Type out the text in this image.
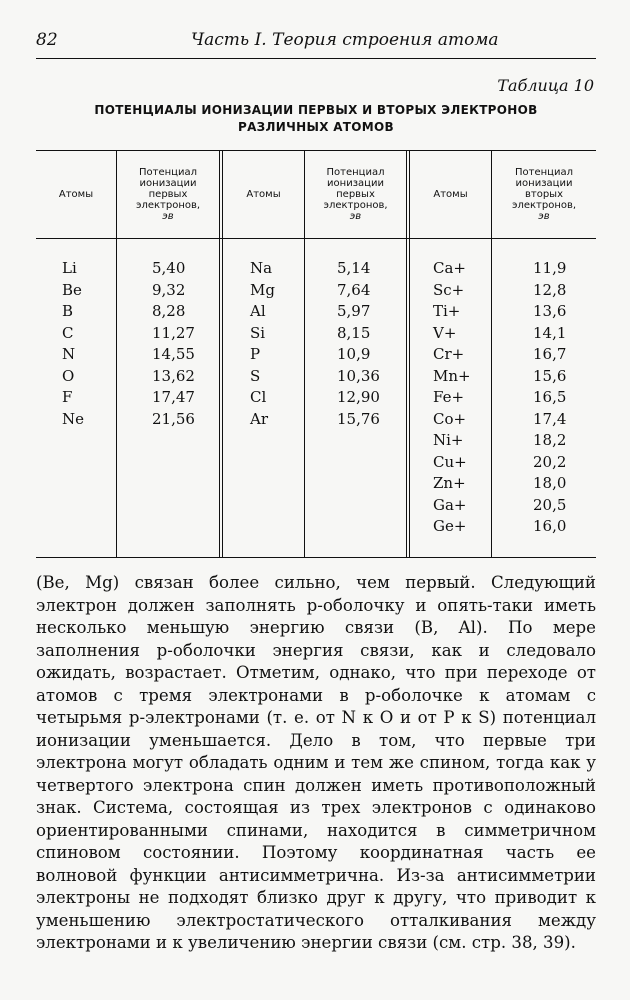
82	Часть I. Теория строения атома
Таблица 10
ПОТЕНЦИАЛЫ ИОНИЗАЦИИ ПЕРВЫХ И ВТОРЫХ ЭЛЕКТРОНОВ
РАЗЛИЧНЫХ АТОМОВ
Атомы
Потенциал
ионизации
первых
электронов,
эв
Атомы
Потенциал
ионизации
первых
электронов,
эв
Атомы
Потенциал
ионизации
вторых
электронов,
эв
Li
Be
B
C
N
O
F
Ne
5,40
9,32
8,28
11,27
14,55
13,62
17,47
21,56
Na
Mg
Al
Si
P
S
Cl
Ar
5,14
7,64
5,97
8,15
10,9
10,36
12,90
15,76
Ca+
Sc+
Ti+
V+
Cr+
Mn+
Fe+
Co+
Ni+
Cu+
Zn+
Ga+
Ge+
11,9
12,8
13,6
14,1
16,7
15,6
16,5
17,4
18,2
20,2
18,0
20,5
16,0

(Be, Mg) связан более сильно, чем первый. Следующий электрон должен заполнять p-оболочку и опять-таки иметь несколько меньшую энергию связи (B, Al). По мере заполнения p-оболочки энергия связи, как и следовало ожидать, возрастает. Отметим, однако, что при переходе от атомов с тремя электронами в p-оболочке к атомам с четырьмя p-электронами (т. е. от N к O и от P к S) потенциал ионизации уменьшается. Дело в том, что первые три электрона могут обладать одним и тем же спином, тогда как у четвертого электрона спин должен иметь противоположный знак. Система, состоящая из трех электронов с одинаково ориентированными спинами, находится в симметричном спиновом состоянии. Поэтому координатная часть ее волновой функции антисимметрична. Из-за антисимметрии электроны не подходят близко друг к другу, что приводит к уменьшению электростатического отталкивания между электронами и к увеличению энергии связи (см. стр. 38, 39).
